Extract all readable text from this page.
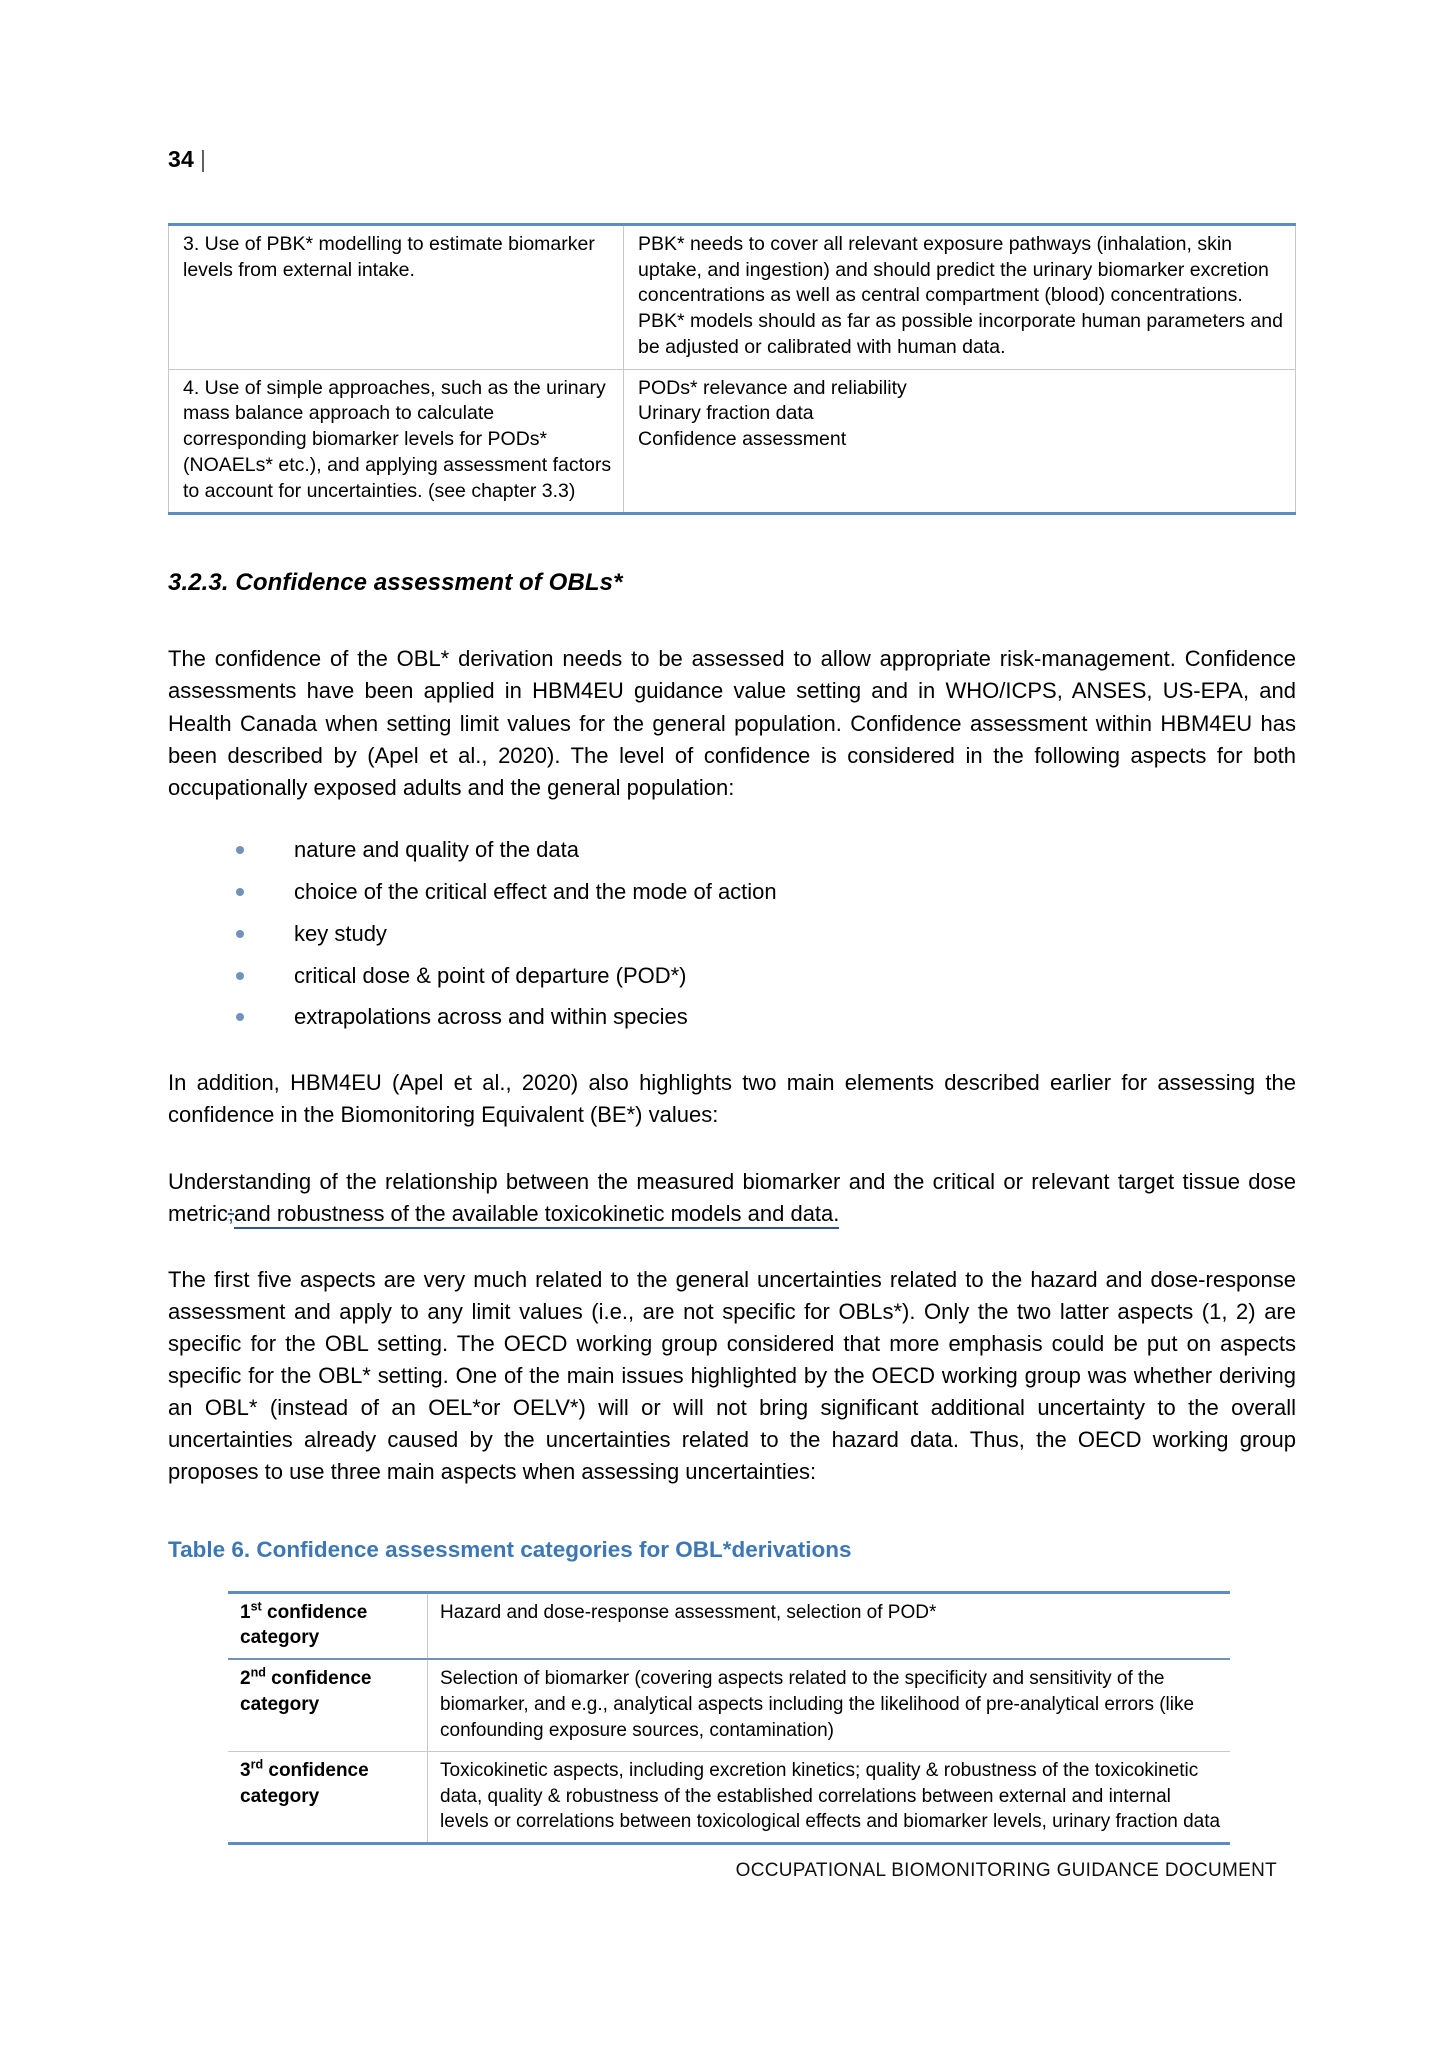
34 |
3. Use of PBK* modelling to estimate biomarker levels from external intake.	PBK* needs to cover all relevant exposure pathways (inhalation, skin uptake, and ingestion) and should predict the urinary biomarker excretion concentrations as well as central compartment (blood) concentrations. PBK* models should as far as possible incorporate human parameters and be adjusted or calibrated with human data.
4. Use of simple approaches, such as the urinary mass balance approach to calculate corresponding biomarker levels for PODs* (NOAELs* etc.), and applying assessment factors to account for uncertainties. (see chapter 3.3)	PODs* relevance and reliability
Urinary fraction data
Confidence assessment
3.2.3. Confidence assessment of OBLs*

The confidence of the OBL* derivation needs to be assessed to allow appropriate risk-management. Confidence assessments have been applied in HBM4EU guidance value setting and in WHO/ICPS, ANSES, US-EPA, and Health Canada when setting limit values for the general population. Confidence assessment within HBM4EU has been described by (Apel et al., 2020). The level of confidence is considered in the following aspects for both occupationally exposed adults and the general population:

nature and quality of the data
choice of the critical effect and the mode of action
key study
critical dose & point of departure (POD*)
extrapolations across and within species

In addition, HBM4EU (Apel et al., 2020) also highlights two main elements described earlier for assessing the confidence in the Biomonitoring Equivalent (BE*) values:

Understanding of the relationship between the measured biomarker and the critical or relevant target tissue dose metric;and robustness of the available toxicokinetic models and data.

The first five aspects are very much related to the general uncertainties related to the hazard and dose-response assessment and apply to any limit values (i.e., are not specific for OBLs*). Only the two latter aspects (1, 2) are specific for the OBL setting. The OECD working group considered that more emphasis could be put on aspects specific for the OBL* setting. One of the main issues highlighted by the OECD working group was whether deriving an OBL* (instead of an OEL*or OELV*) will or will not bring significant additional uncertainty to the overall uncertainties already caused by the uncertainties related to the hazard data. Thus, the OECD working group proposes to use three main aspects when assessing uncertainties:

Table 6. Confidence assessment categories for OBL*derivations
1st confidence category	Hazard and dose-response assessment, selection of POD*
2nd confidence category	Selection of biomarker (covering aspects related to the specificity and sensitivity of the biomarker, and e.g., analytical aspects including the likelihood of pre-analytical errors (like confounding exposure sources, contamination)
3rd confidence category	Toxicokinetic aspects, including excretion kinetics; quality & robustness of the toxicokinetic data, quality & robustness of the established correlations between external and internal levels or correlations between toxicological effects and biomarker levels, urinary fraction data
OCCUPATIONAL BIOMONITORING GUIDANCE DOCUMENT
